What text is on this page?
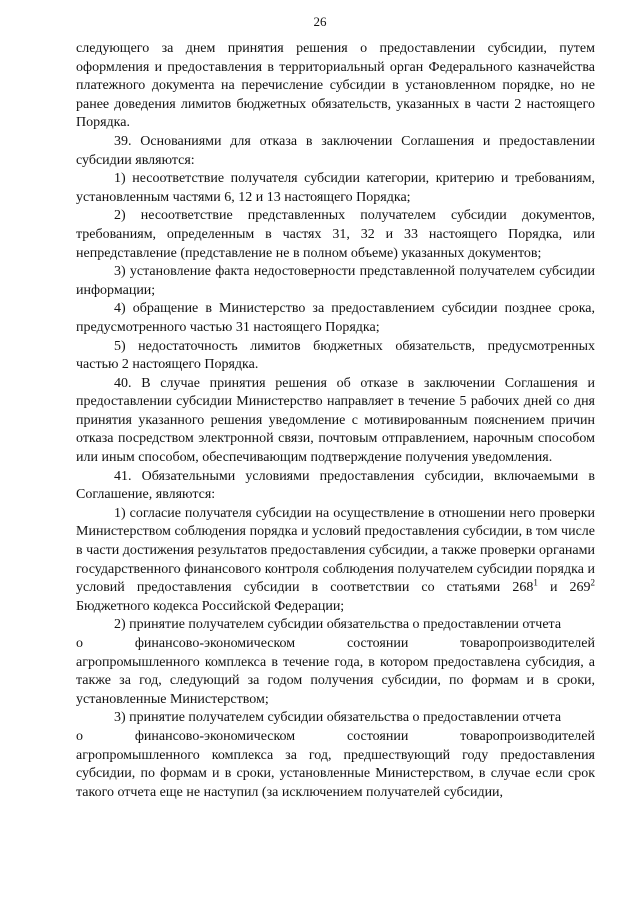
26

следующего за днем принятия решения о предоставлении субсидии, путем оформления и предоставления в территориальный орган Федерального казначейства платежного документа на перечисление субсидии в установленном порядке, но не ранее доведения лимитов бюджетных обязательств, указанных в части 2 настоящего Порядка.

39. Основаниями для отказа в заключении Соглашения и предоставлении субсидии являются:

1) несоответствие получателя субсидии категории, критерию и требованиям, установленным частями 6, 12 и 13 настоящего Порядка;

2) несоответствие представленных получателем субсидии документов, требованиям, определенным в частях 31, 32 и 33 настоящего Порядка, или непредставление (представление не в полном объеме) указанных документов;

3) установление факта недостоверности представленной получателем субсидии информации;

4) обращение в Министерство за предоставлением субсидии позднее срока, предусмотренного частью 31 настоящего Порядка;

5) недостаточность лимитов бюджетных обязательств, предусмотренных частью 2 настоящего Порядка.

40. В случае принятия решения об отказе в заключении Соглашения и предоставлении субсидии Министерство направляет в течение 5 рабочих дней со дня принятия указанного решения уведомление с мотивированным пояснением причин отказа посредством электронной связи, почтовым отправлением, нарочным способом или иным способом, обеспечивающим подтверждение получения уведомления.

41. Обязательными условиями предоставления субсидии, включаемыми в Соглашение, являются:

1) согласие получателя субсидии на осуществление в отношении него проверки Министерством соблюдения порядка и условий предоставления субсидии, в том числе в части достижения результатов предоставления субсидии, а также проверки органами государственного финансового контроля соблюдения получателем субсидии порядка и условий предоставления субсидии в соответствии со статьями $268^1$ и $269^2$ Бюджетного кодекса Российской Федерации;

2) принятие получателем субсидии обязательства о предоставлении отчета

о финансово-экономическом состоянии товаропроизводителей

агропромышленного комплекса в течение года, в котором предоставлена субсидия, а также за год, следующий за годом получения субсидии, по формам и в сроки, установленные Министерством;

3) принятие получателем субсидии обязательства о предоставлении отчета

о финансово-экономическом состоянии товаропроизводителей

агропромышленного комплекса за год, предшествующий году предоставления субсидии, по формам и в сроки, установленные Министерством, в случае если срок такого отчета еще не наступил (за исключением получателей субсидии,
